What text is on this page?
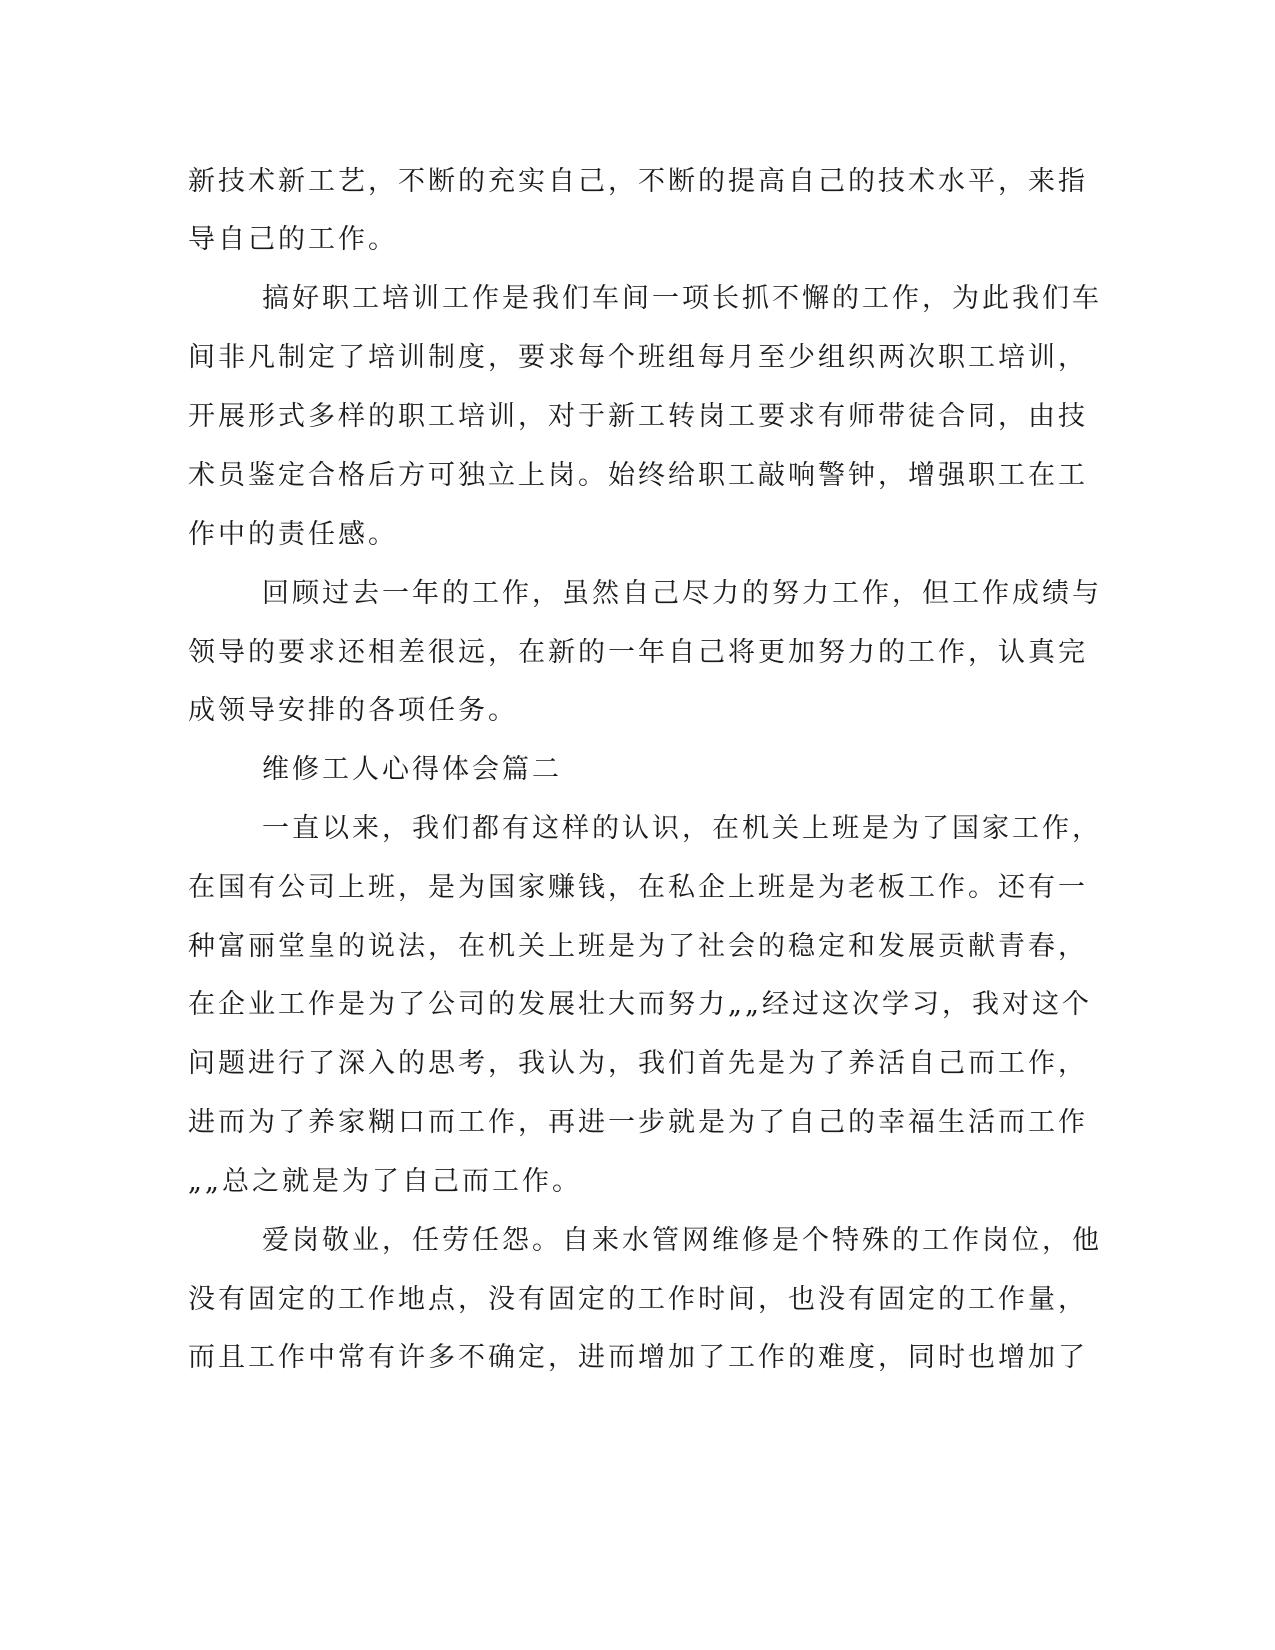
新技术新工艺，不断的充实自己，不断的提高自己的技术水平，来指
导自己的工作。
搞好职工培训工作是我们车间一项长抓不懈的工作，为此我们车
间非凡制定了培训制度，要求每个班组每月至少组织两次职工培训，
开展形式多样的职工培训，对于新工转岗工要求有师带徒合同，由技
术员鉴定合格后方可独立上岗。始终给职工敲响警钟，增强职工在工
作中的责任感。
回顾过去一年的工作，虽然自己尽力的努力工作，但工作成绩与
领导的要求还相差很远，在新的一年自己将更加努力的工作，认真完
成领导安排的各项任务。
维修工人心得体会篇二
一直以来，我们都有这样的认识，在机关上班是为了国家工作，
在国有公司上班，是为国家赚钱，在私企上班是为老板工作。还有一
种富丽堂皇的说法，在机关上班是为了社会的稳定和发展贡献青春，
在企业工作是为了公司的发展壮大而努力„„经过这次学习，我对这个
问题进行了深入的思考，我认为，我们首先是为了养活自己而工作，
进而为了养家糊口而工作，再进一步就是为了自己的幸福生活而工作
„„总之就是为了自己而工作。
爱岗敬业，任劳任怨。自来水管网维修是个特殊的工作岗位，他
没有固定的工作地点，没有固定的工作时间，也没有固定的工作量，
而且工作中常有许多不确定，进而增加了工作的难度，同时也增加了
